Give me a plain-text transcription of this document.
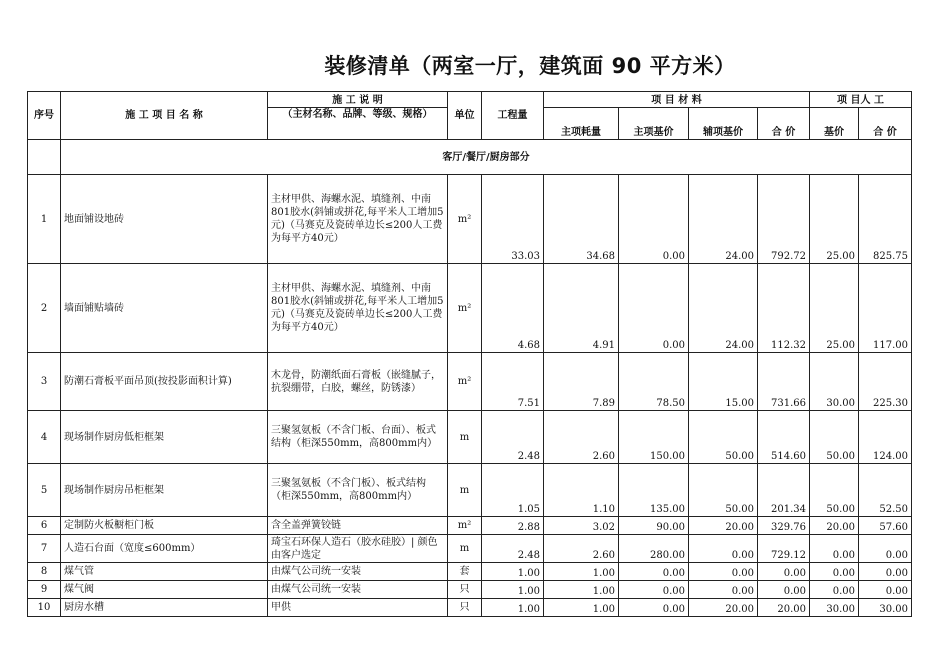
装修清单（两室一厅，建筑面 90 平方米）
序号	施 工 项 目 名 称	施 工 说 明	单位	工程量	项 目 材 料				项 目人 工	
		（主材名称、品牌、等级、规格）			主项耗量	主项基价	辅项基价	合 价	基价	合 价

	客厅/餐厅/厨房部分									
1	地面铺设地砖	主材甲供、海螺水泥、填缝剂、中南801胶水(斜铺或拼花,每平米人工增加5元)（马赛克及瓷砖单边长≤200人工费为每平方40元）	m²	33.03	34.68	0.00	24.00	792.72	25.00	825.75
2	墙面铺贴墙砖	主材甲供、海螺水泥、填缝剂、中南801胶水(斜铺或拼花,每平米人工增加5元)（马赛克及瓷砖单边长≤200人工费为每平方40元）	m²	4.68	4.91	0.00	24.00	112.32	25.00	117.00
3	防潮石膏板平面吊顶(按投影面积计算)	木龙骨，防潮纸面石膏板（嵌缝腻子，抗裂绷带，白胶，螺丝，防锈漆）	m²	7.51	7.89	78.50	15.00	731.66	30.00	225.30
4	现场制作厨房低柜框架	三聚氢氨板（不含门板、台面）、板式结构（柜深550mm，高800mm内）	m	2.48	2.60	150.00	50.00	514.60	50.00	124.00
5	现场制作厨房吊柜框架	三聚氢氨板（不含门板）、板式结构 （柜深550mm，高800mm内）	m	1.05	1.10	135.00	50.00	201.34	50.00	52.50
6	定制防火板橱柜门板	含全盖弹簧铰链	m²	2.88	3.02	90.00	20.00	329.76	20.00	57.60
7	人造石台面（宽度≤600mm）	琦宝石环保人造石（胶水硅胶）| 颜色由客户选定	m	2.48	2.60	280.00	0.00	729.12	0.00	0.00
8	煤气管	由煤气公司统一安装	套	1.00	1.00	0.00	0.00	0.00	0.00	0.00
9	煤气阀	由煤气公司统一安装	只	1.00	1.00	0.00	0.00	0.00	0.00	0.00
10	厨房水槽	甲供	只	1.00	1.00	0.00	20.00	20.00	30.00	30.00
